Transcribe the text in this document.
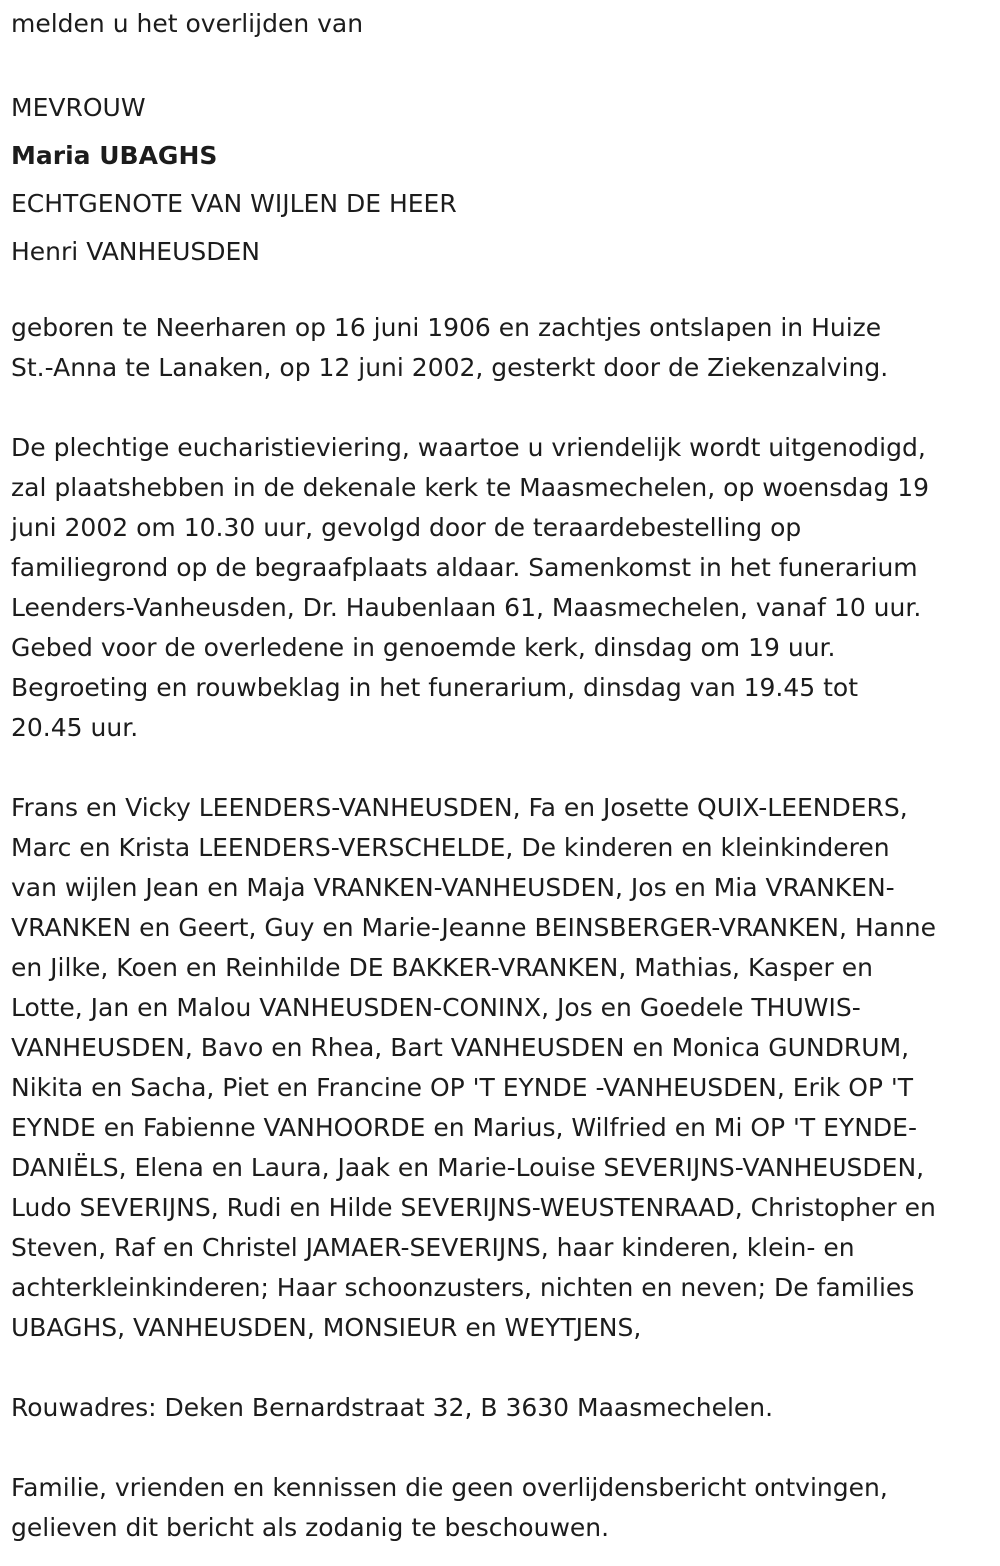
melden u het overlijden van

MEVROUW

Maria UBAGHS

ECHTGENOTE VAN WIJLEN DE HEER

Henri VANHEUSDEN

geboren te Neerharen op 16 juni 1906 en zachtjes ontslapen in Huize

St.-Anna te Lanaken, op 12 juni 2002, gesterkt door de Ziekenzalving.

De plechtige eucharistieviering, waartoe u vriendelijk wordt uitgenodigd,

zal plaatshebben in de dekenale kerk te Maasmechelen, op woensdag 19

juni 2002 om 10.30 uur, gevolgd door de teraardebestelling op

familiegrond op de begraafplaats aldaar. Samenkomst in het funerarium

Leenders-Vanheusden, Dr. Haubenlaan 61, Maasmechelen, vanaf 10 uur.

Gebed voor de overledene in genoemde kerk, dinsdag om 19 uur.

Begroeting en rouwbeklag in het funerarium, dinsdag van 19.45 tot

20.45 uur.

Frans en Vicky LEENDERS-VANHEUSDEN, Fa en Josette QUIX-LEENDERS,

Marc en Krista LEENDERS-VERSCHELDE, De kinderen en kleinkinderen

van wijlen Jean en Maja VRANKEN-VANHEUSDEN, Jos en Mia VRANKEN-

VRANKEN en Geert, Guy en Marie-Jeanne BEINSBERGER-VRANKEN, Hanne

en Jilke, Koen en Reinhilde DE BAKKER-VRANKEN, Mathias, Kasper en

Lotte, Jan en Malou VANHEUSDEN-CONINX, Jos en Goedele THUWIS-

VANHEUSDEN, Bavo en Rhea, Bart VANHEUSDEN en Monica GUNDRUM,

Nikita en Sacha, Piet en Francine OP 'T EYNDE -VANHEUSDEN, Erik OP 'T

EYNDE en Fabienne VANHOORDE en Marius, Wilfried en Mi OP 'T EYNDE-

DANIËLS, Elena en Laura, Jaak en Marie-Louise SEVERIJNS-VANHEUSDEN,

Ludo SEVERIJNS, Rudi en Hilde SEVERIJNS-WEUSTENRAAD, Christopher en

Steven, Raf en Christel JAMAER-SEVERIJNS, haar kinderen, klein- en

achterkleinkinderen; Haar schoonzusters, nichten en neven; De families

UBAGHS, VANHEUSDEN, MONSIEUR en WEYTJENS,

Rouwadres: Deken Bernardstraat 32, B 3630 Maasmechelen.

Familie, vrienden en kennissen die geen overlijdensbericht ontvingen,

gelieven dit bericht als zodanig te beschouwen.
